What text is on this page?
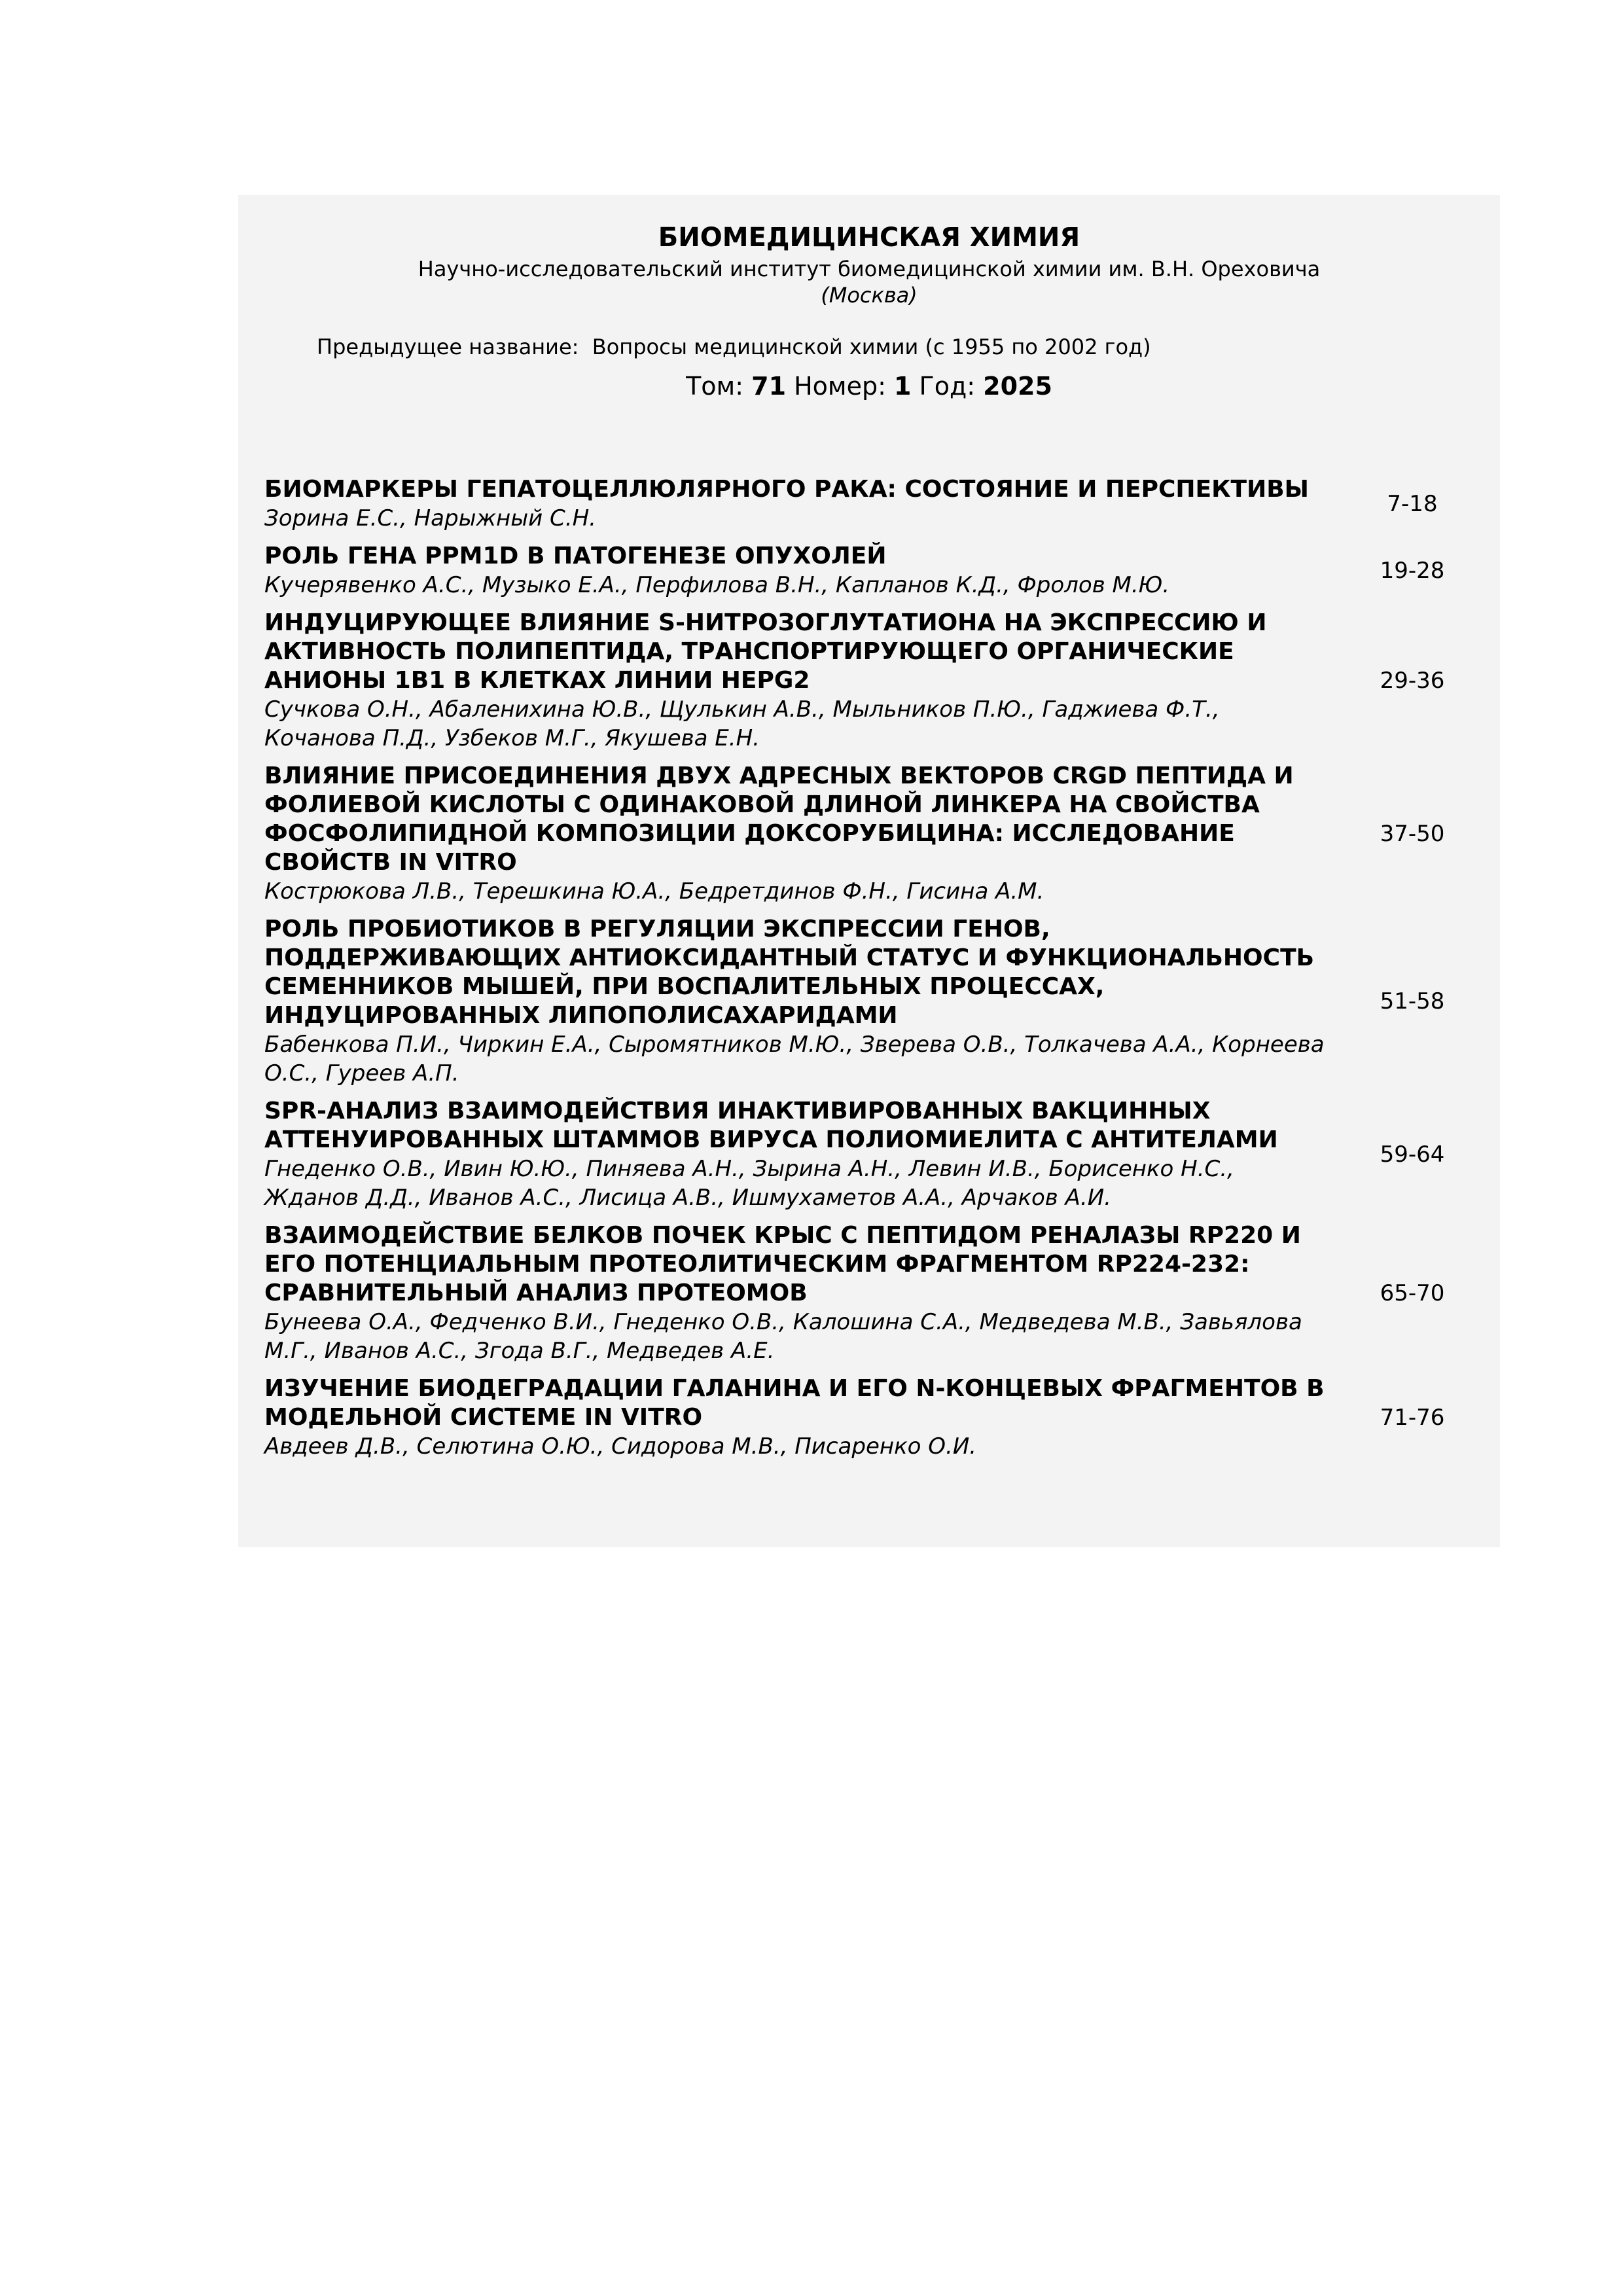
БИОМЕДИЦИНСКАЯ ХИМИЯ
Научно-исследовательский институт биомедицинской химии им. В.Н. Ореховича
(Москва)
Предыдущее название: Вопросы медицинской химии (с 1955 по 2002 год)
Том: 71 Номер: 1 Год: 2025
БИОМАРКЕРЫ ГЕПАТОЦЕЛЛЮЛЯРНОГО РАКА: СОСТОЯНИЕ И ПЕРСПЕКТИВЫ
Зорина Е.С., Нарыжный С.Н.
7-18
РОЛЬ ГЕНА PPM1D В ПАТОГЕНЕЗЕ ОПУХОЛЕЙ
Кучерявенко А.С., Музыко Е.А., Перфилова В.Н., Капланов К.Д., Фролов М.Ю.
19-28
ИНДУЦИРУЮЩЕЕ ВЛИЯНИЕ S-НИТРОЗОГЛУТАТИОНА НА ЭКСПРЕССИЮ И АКТИВНОСТЬ ПОЛИПЕПТИДА, ТРАНСПОРТИРУЮЩЕГО ОРГАНИЧЕСКИЕ АНИОНЫ 1B1 В КЛЕТКАХ ЛИНИИ HEPG2
Сучкова О.Н., Абаленихина Ю.В., Щулькин А.В., Мыльников П.Ю., Гаджиева Ф.Т., Кочанова П.Д., Узбеков М.Г., Якушева Е.Н.
29-36
ВЛИЯНИЕ ПРИСОЕДИНЕНИЯ ДВУХ АДРЕСНЫХ ВЕКТОРОВ CRGD ПЕПТИДА И ФОЛИЕВОЙ КИСЛОТЫ С ОДИНАКОВОЙ ДЛИНОЙ ЛИНКЕРА НА СВОЙСТВА ФОСФОЛИПИДНОЙ КОМПОЗИЦИИ ДОКСОРУБИЦИНА: ИССЛЕДОВАНИЕ СВОЙСТВ IN VITRO
Кострюкова Л.В., Терешкина Ю.А., Бедретдинов Ф.Н., Гисина А.М.
37-50
РОЛЬ ПРОБИОТИКОВ В РЕГУЛЯЦИИ ЭКСПРЕССИИ ГЕНОВ, ПОДДЕРЖИВАЮЩИХ АНТИОКСИДАНТНЫЙ СТАТУС И ФУНКЦИОНАЛЬНОСТЬ СЕМЕННИКОВ МЫШЕЙ, ПРИ ВОСПАЛИТЕЛЬНЫХ ПРОЦЕССАХ, ИНДУЦИРОВАННЫХ ЛИПОПОЛИСАХАРИДАМИ
Бабенкова П.И., Чиркин Е.А., Сыромятников М.Ю., Зверева О.В., Толкачева А.А., Корнеева О.С., Гуреев А.П.
51-58
SPR-АНАЛИЗ ВЗАИМОДЕЙСТВИЯ ИНАКТИВИРОВАННЫХ ВАКЦИННЫХ АТТЕНУИРОВАННЫХ ШТАММОВ ВИРУСА ПОЛИОМИЕЛИТА С АНТИТЕЛАМИ
Гнеденко О.В., Ивин Ю.Ю., Пиняева А.Н., Зырина А.Н., Левин И.В., Борисенко Н.С., Жданов Д.Д., Иванов А.С., Лисица А.В., Ишмухаметов А.А., Арчаков А.И.
59-64
ВЗАИМОДЕЙСТВИЕ БЕЛКОВ ПОЧЕК КРЫС С ПЕПТИДОМ РЕНАЛАЗЫ RP220 И ЕГО ПОТЕНЦИАЛЬНЫМ ПРОТЕОЛИТИЧЕСКИМ ФРАГМЕНТОМ RP224-232: СРАВНИТЕЛЬНЫЙ АНАЛИЗ ПРОТЕОМОВ
Бунеева О.А., Федченко В.И., Гнеденко О.В., Калошина С.А., Медведева М.В., Завьялова М.Г., Иванов А.С., Згода В.Г., Медведев А.Е.
65-70
ИЗУЧЕНИЕ БИОДЕГРАДАЦИИ ГАЛАНИНА И ЕГО N-КОНЦЕВЫХ ФРАГМЕНТОВ В МОДЕЛЬНОЙ СИСТЕМЕ IN VITRO
Авдеев Д.В., Селютина О.Ю., Сидорова М.В., Писаренко О.И.
71-76
